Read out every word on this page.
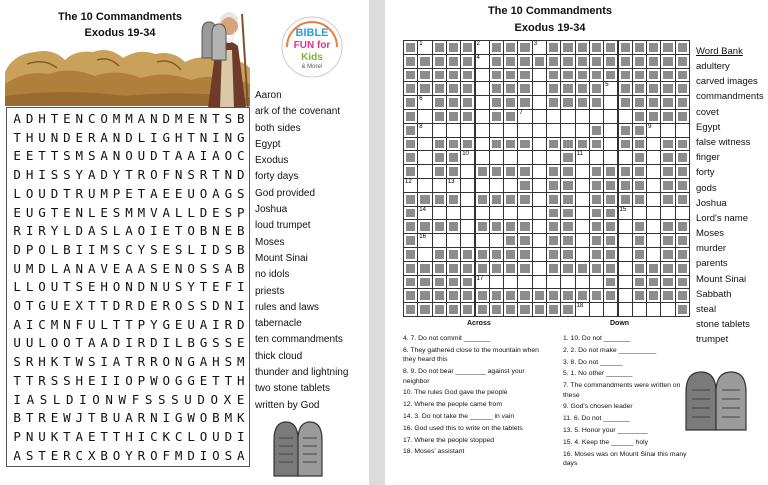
The 10 Commandments
Exodus 19-34	BIBLE
FUN for
Kids
& More!
A D H T E N C O M M A N D M E N T S B
T H U N D E R A N D L I G H T N I N G
E E T T S M S A N O U D T A A I A O C
D H I S S Y A D Y T R O F N S R T N D
L O U D T R U M P E T A E E U O A G S
E U G T E N L E S M M V A L L D E S P
R I R Y L D A S L A O I E T O B N E B
D P O L B I I M S C Y S E S L I D S B
U M D L A N A V E A A S E N O S S A B
L L O U T S E H O N D N U S Y T E F I
O T G U E X T T D R D E R O S S D N I
A I C M N F U L T T P Y G E U A I R D
U U L O O T A A D I R D I L B G S S E
S R H K T W S I A T R R O N G A H S M
T T R S S H E I I O P W O G G E T T H
I A S L D I O N W F S S S U D O X E
B T R E W J T B U A R N I G W O B M K
P N U K T A E T T H I C K C L O U D I
A S T E R C X B O Y R O F M D I O S A
Aaron
ark of the covenant
both sides
Egypt
Exodus
forty days
God provided
Joshua
loud trumpet
Moses
Mount Sinai
no idols
priests
rules and laws
tabernacle
ten commandments
thick cloud
thunder and lightning
two stone tablets
written by God
The 10 Commandments
Exodus 19-34
1	2	3
4
5
6
7
8	9
10	11
12	13
14	15
16
17
18
Word Bank
adultery
carved images
commandments
covet
Egypt
false witness
finger
forty
gods
Joshua
Lord's name
Moses
murder
parents
Mount Sinai
Sabbath
steal
stone tablets
trumpet
Across	Down
4. 7. Do not commit _______
6. They gathered close to the mountain when they heard this
8. 9. Do not bear ________ against your neighbor
10. The rules God gave the people
12. Where the people came from
14. 3. Do not take the ______ in vain
16. God used this to write on the tablets
17. Where the people stopped
18. Moses' assistant
1. 10. Do not _______
2. 2. Do not make __________
3. 8. Do not ______
5. 1. No other _______
7. The commandments were written on these
9. God's chosen leader
11. 6. Do not _______
13. 5. Honor your ________
15. 4. Keep the ______ holy
16. Moses was on Mount Sinai this many days
